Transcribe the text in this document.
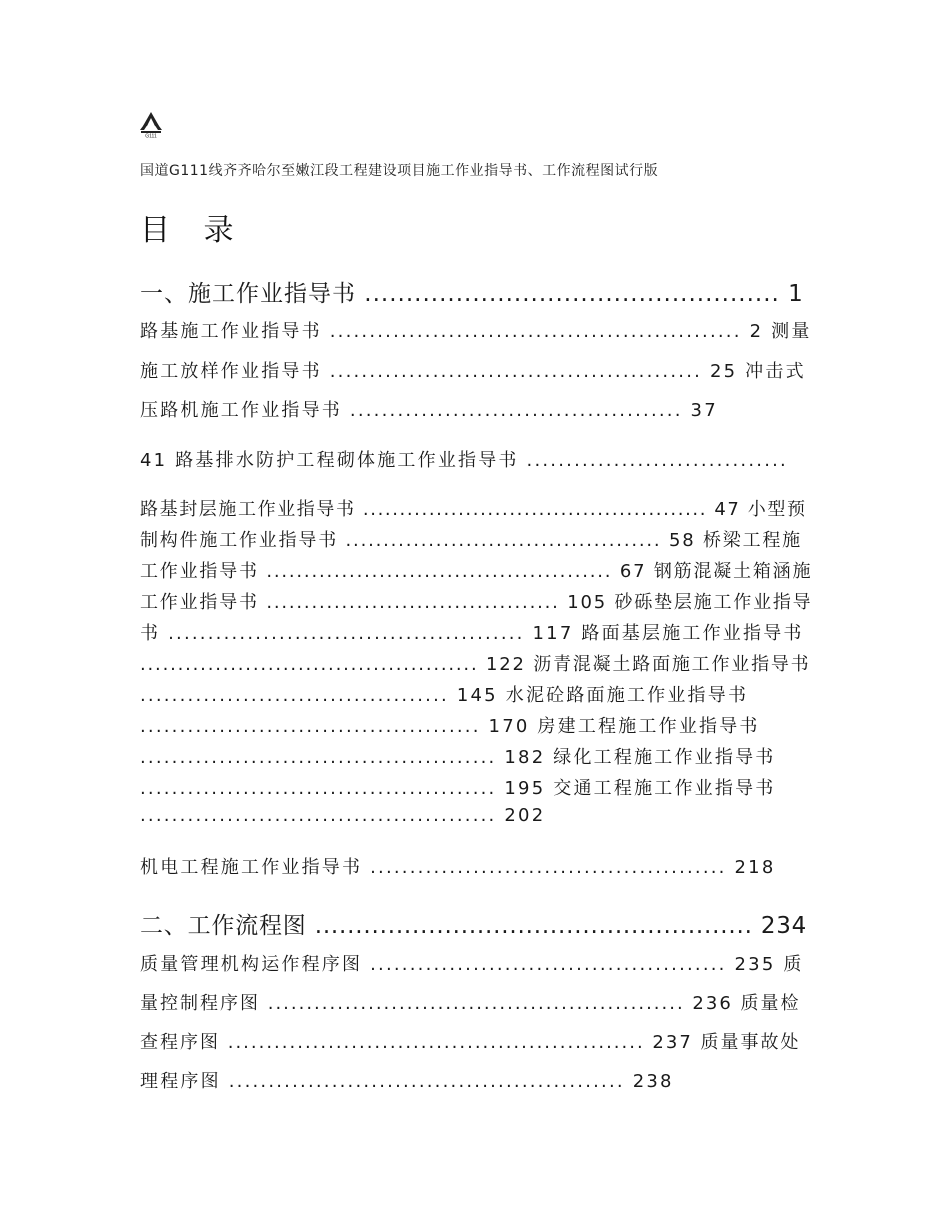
G111
国道G111线齐齐哈尔至嫩江段工程建设项目施工作业指导书、工作流程图试行版
目 录
一、施工作业指导书 .................................................. 1
路基施工作业指导书 .................................................... 2 测量
施工放样作业指导书 ............................................... 25 冲击式
压路机施工作业指导书 .......................................... 37
41 路基排水防护工程砌体施工作业指导书 .................................
路基封层施工作业指导书 ............................................... 47 小型预
制构件施工作业指导书 .......................................... 58 桥梁工程施
工作业指导书 .............................................. 67 钢筋混凝土箱涵施
工作业指导书 ....................................... 105 砂砾垫层施工作业指导
书 ............................................. 117 路面基层施工作业指导书
............................................. 122 沥青混凝土路面施工作业指导书
....................................... 145 水泥砼路面施工作业指导书
........................................... 170 房建工程施工作业指导书
............................................. 182 绿化工程施工作业指导书
............................................. 195 交通工程施工作业指导书
............................................. 202
机电工程施工作业指导书 ............................................. 218
二、工作流程图 ...................................................... 234
质量管理机构运作程序图 ............................................. 235 质
量控制程序图 ...................................................... 236 质量检
查程序图 ...................................................... 237 质量事故处
理程序图 .................................................. 238
